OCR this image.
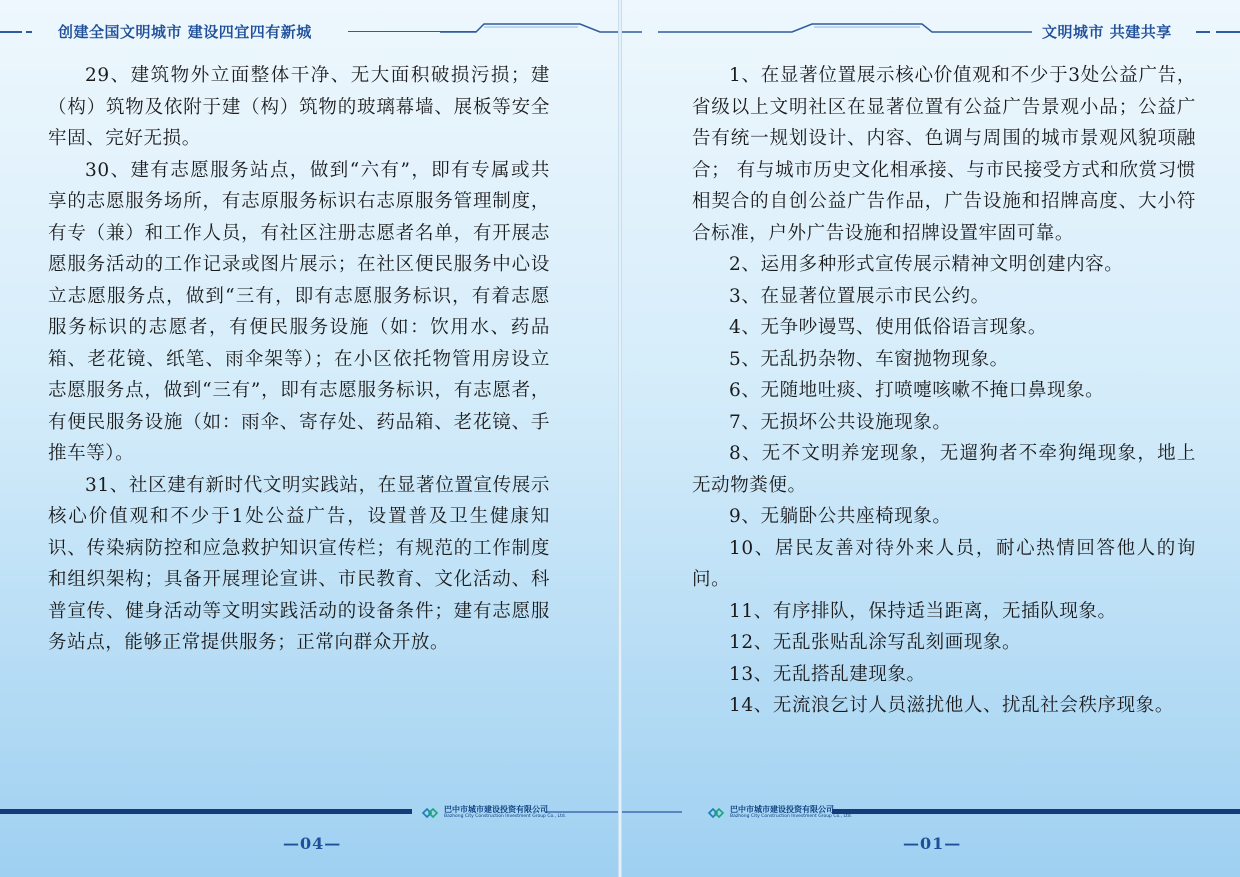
创建全国文明城市 建设四宜四有新城

29、建筑物外立面整体干净、无大面积破损污损；建（构）筑物及依附于建（构）筑物的玻璃幕墙、展板等安全牢固、完好无损。

30、建有志愿服务站点，做到“六有”，即有专属或共享的志愿服务场所，有志原服务标识右志原服务管理制度，有专（兼）和工作人员，有社区注册志愿者名单，有开展志愿服务活动的工作记录或图片展示；在社区便民服务中心设立志愿服务点，做到“三有，即有志愿服务标识，有着志愿服务标识的志愿者，有便民服务设施（如：饮用水、药品箱、老花镜、纸笔、雨伞架等）；在小区依托物管用房设立志愿服务点，做到“三有”，即有志愿服务标识，有志愿者，有便民服务设施（如：雨伞、寄存处、药品箱、老花镜、手推车等）。

31、社区建有新时代文明实践站，在显著位置宣传展示核心价值观和不少于1处公益广告，设置普及卫生健康知识、传染病防控和应急救护知识宣传栏；有规范的工作制度和组织架构；具备开展理论宣讲、市民教育、文化活动、科普宣传、健身活动等文明实践活动的设备条件；建有志愿服务站点，能够正常提供服务；正常向群众开放。

巴中市城市建设投资有限公司
Bazhong City Construction Investment Group Co., Ltd.
—04—
文明城市 共建共享

1、在显著位置展示核心价值观和不少于3处公益广告，省级以上文明社区在显著位置有公益广告景观小品；公益广告有统一规划设计、内容、色调与周围的城市景观风貌项融合； 有与城市历史文化相承接、与市民接受方式和欣赏习惯相契合的自创公益广告作品，广告设施和招牌高度、大小符合标准，户外广告设施和招牌设置牢固可靠。

2、运用多种形式宣传展示精神文明创建内容。

3、在显著位置展示市民公约。

4、无争吵谩骂、使用低俗语言现象。

5、无乱扔杂物、车窗抛物现象。

6、无随地吐痰、打喷嚏咳嗽不掩口鼻现象。

7、无损坏公共设施现象。

8、无不文明养宠现象，无遛狗者不牵狗绳现象，地上无动物粪便。

9、无躺卧公共座椅现象。

10、居民友善对待外来人员，耐心热情回答他人的询问。

11、有序排队，保持适当距离，无插队现象。

12、无乱张贴乱涂写乱刻画现象。

13、无乱搭乱建现象。

14、无流浪乞讨人员滋扰他人、扰乱社会秩序现象。

巴中市城市建设投资有限公司
Bazhong City Construction Investment Group Co., Ltd.
—01—
